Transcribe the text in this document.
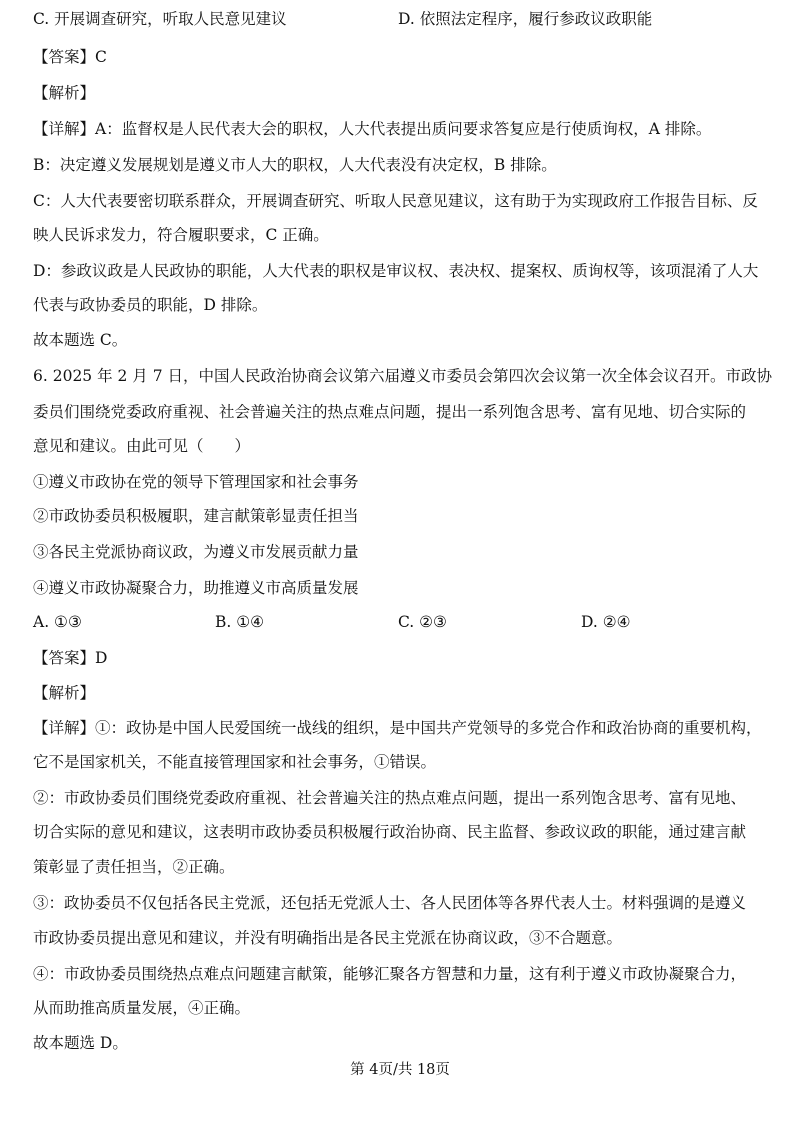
C. 开展调查研究，听取人民意见建议	D. 依照法定程序，履行参政议政职能
【答案】C
【解析】
【详解】A：监督权是人民代表大会的职权，人大代表提出质问要求答复应是行使质询权，A 排除。
B：决定遵义发展规划是遵义市人大的职权，人大代表没有决定权，B 排除。
C：人大代表要密切联系群众，开展调查研究、听取人民意见建议，这有助于为实现政府工作报告目标、反
映人民诉求发力，符合履职要求，C 正确。
D：参政议政是人民政协的职能，人大代表的职权是审议权、表决权、提案权、质询权等，该项混淆了人大
代表与政协委员的职能，D 排除。
故本题选 C。
6. 2025 年 2 月 7 日，中国人民政治协商会议第六届遵义市委员会第四次会议第一次全体会议召开。市政协
委员们围绕党委政府重视、社会普遍关注的热点难点问题，提出一系列饱含思考、富有见地、切合实际的
意见和建议。由此可见（　　）
①遵义市政协在党的领导下管理国家和社会事务
②市政协委员积极履职，建言献策彰显责任担当
③各民主党派协商议政，为遵义市发展贡献力量
④遵义市政协凝聚合力，助推遵义市高质量发展
A. ①③	B. ①④	C. ②③	D. ②④
【答案】D
【解析】
【详解】①：政协是中国人民爱国统一战线的组织，是中国共产党领导的多党合作和政治协商的重要机构，
它不是国家机关，不能直接管理国家和社会事务，①错误。
②：市政协委员们围绕党委政府重视、社会普遍关注的热点难点问题，提出一系列饱含思考、富有见地、
切合实际的意见和建议，这表明市政协委员积极履行政治协商、民主监督、参政议政的职能，通过建言献
策彰显了责任担当，②正确。
③：政协委员不仅包括各民主党派，还包括无党派人士、各人民团体等各界代表人士。材料强调的是遵义
市政协委员提出意见和建议，并没有明确指出是各民主党派在协商议政，③不合题意。
④：市政协委员围绕热点难点问题建言献策，能够汇聚各方智慧和力量，这有利于遵义市政协凝聚合力，
从而助推高质量发展，④正确。
故本题选 D。
第 4页/共 18页
